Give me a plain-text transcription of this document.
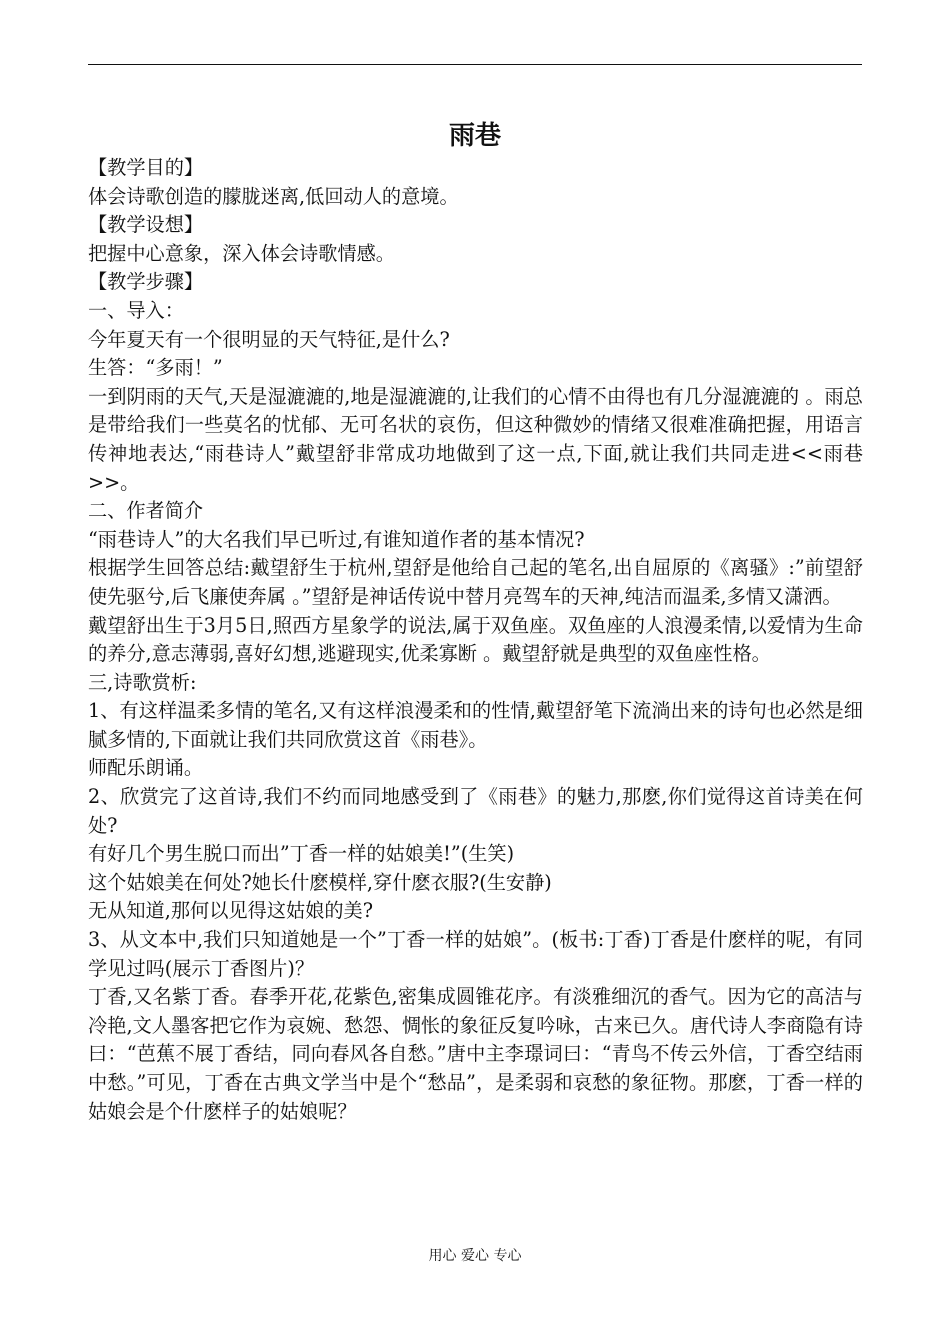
雨巷

【教学目的】

体会诗歌创造的朦胧迷离,低回动人的意境。

【教学设想】

把握中心意象，深入体会诗歌情感。

【教学步骤】

一、导入：

今年夏天有一个很明显的天气特征,是什么?

生答：“多雨！”

一到阴雨的天气,天是湿漉漉的,地是湿漉漉的,让我们的心情不由得也有几分湿漉漉的 。雨总是带给我们一些莫名的忧郁、无可名状的哀伤，但这种微妙的情绪又很难准确把握，用语言传神地表达,“雨巷诗人”戴望舒非常成功地做到了这一点,下面,就让我们共同走进<<雨巷>>。

二、作者简介

“雨巷诗人”的大名我们早已听过,有谁知道作者的基本情况?

根据学生回答总结:戴望舒生于杭州,望舒是他给自己起的笔名,出自屈原的《离骚》:”前望舒使先驱兮,后飞廉使奔属 。”望舒是神话传说中替月亮驾车的天神,纯洁而温柔,多情又潇洒。

戴望舒出生于3月5日,照西方星象学的说法,属于双鱼座。双鱼座的人浪漫柔情,以爱情为生命的养分,意志薄弱,喜好幻想,逃避现实,优柔寡断 。戴望舒就是典型的双鱼座性格。

三,诗歌赏析:

1、有这样温柔多情的笔名,又有这样浪漫柔和的性情,戴望舒笔下流淌出来的诗句也必然是细腻多情的,下面就让我们共同欣赏这首《雨巷》。

师配乐朗诵。

2、欣赏完了这首诗,我们不约而同地感受到了《雨巷》的魅力,那麽,你们觉得这首诗美在何处?

有好几个男生脱口而出”丁香一样的姑娘美!”(生笑)

这个姑娘美在何处?她长什麽模样,穿什麽衣服?(生安静)

无从知道,那何以见得这姑娘的美?

3、从文本中,我们只知道她是一个”丁香一样的姑娘”。(板书:丁香)丁香是什麽样的呢，有同学见过吗(展示丁香图片)？

丁香,又名紫丁香。春季开花,花紫色,密集成圆锥花序。有淡雅细沉的香气。因为它的高洁与冷艳,文人墨客把它作为哀婉、愁怨、惆怅的象征反复吟咏，古来已久。唐代诗人李商隐有诗曰：“芭蕉不展丁香结，同向春风各自愁。”唐中主李璟词曰：“青鸟不传云外信，丁香空结雨中愁。”可见，丁香在古典文学当中是个“愁品”，是柔弱和哀愁的象征物。那麽，丁香一样的姑娘会是个什麽样子的姑娘呢？

用心 爱心 专心
